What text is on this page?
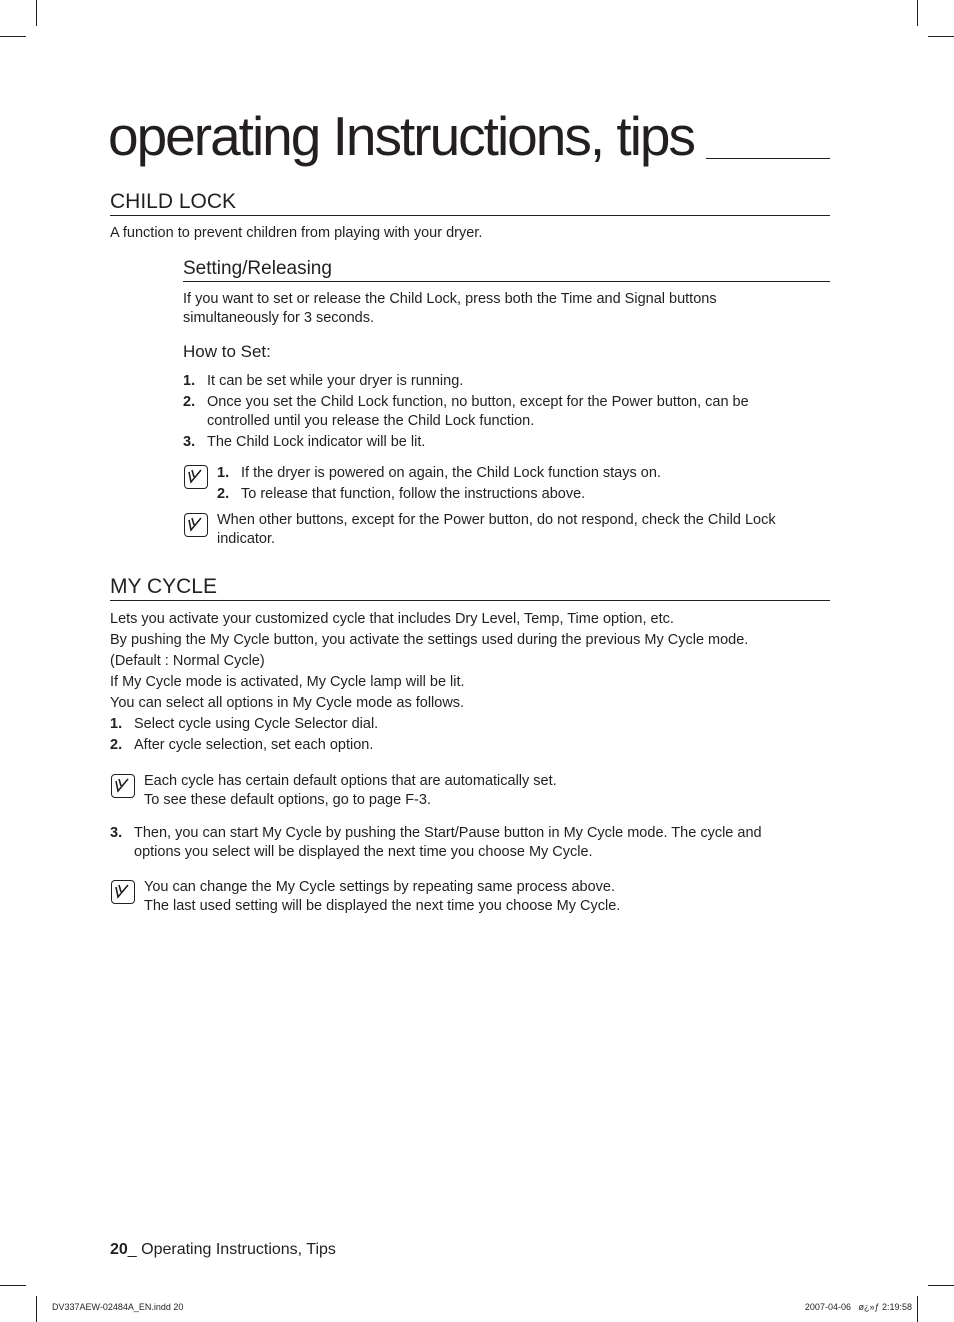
operating Instructions, tips
CHILD LOCK
A function to prevent children from playing with your dryer.
Setting/Releasing
If you want to set or release the Child Lock, press both the Time and Signal buttons simultaneously for 3 seconds.
How to Set:
1. It can be set while your dryer is running.
2. Once you set the Child Lock function, no button, except for the Power button, can be controlled until you release the Child Lock function.
3. The Child Lock indicator will be lit.
1. If the dryer is powered on again, the Child Lock function stays on.
2. To release that function, follow the instructions above.
When other buttons, except for the Power button, do not respond, check the Child Lock indicator.
MY CYCLE
Lets you activate your customized cycle that includes Dry Level, Temp, Time option, etc.
By pushing the My Cycle button, you activate the settings used during the previous My Cycle mode.
(Default : Normal Cycle)
If My Cycle mode is activated, My Cycle lamp will be lit.
You can select all options in My Cycle mode as follows.
1. Select cycle using Cycle Selector dial.
2. After cycle selection, set each option.
Each cycle has certain default options that are automatically set.
To see these default options, go to page F-3.
3. Then, you can start My Cycle by pushing the Start/Pause button in My Cycle mode. The cycle and options you select will be displayed the next time you choose My Cycle.
You can change the My Cycle settings by repeating same process above.
The last used setting will be displayed the next time you choose My Cycle.
20_ Operating Instructions, Tips
DV337AEW-02484A_EN.indd 20	2007-04-06   ø¿»ƒ 2:19:58
